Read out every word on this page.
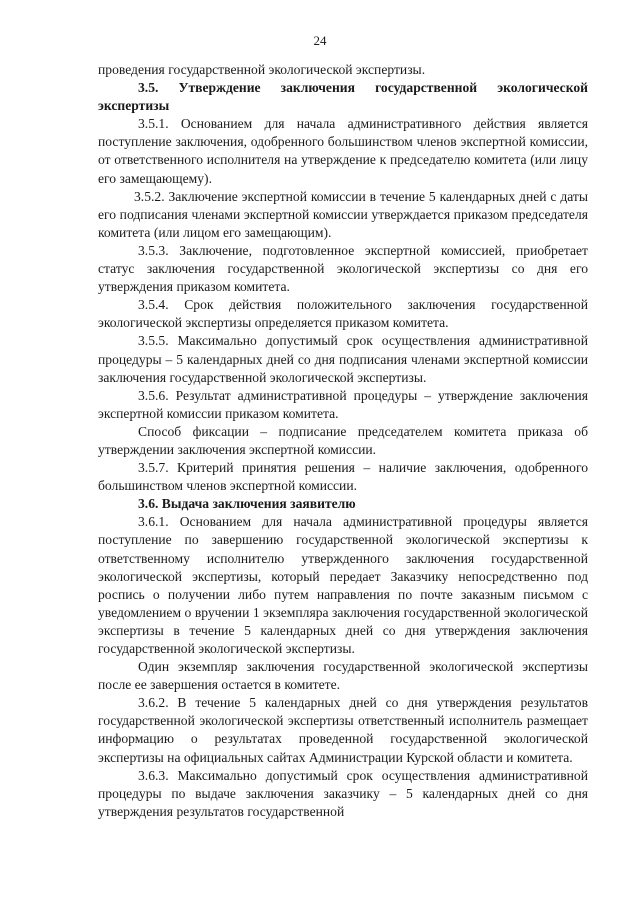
24

проведения государственной экологической экспертизы.

3.5. Утверждение заключения государственной экологической экспертизы

3.5.1. Основанием для начала административного действия является поступление заключения, одобренного большинством членов экспертной комиссии, от ответственного исполнителя на утверждение к председателю комитета (или лицу его замещающему).

3.5.2. Заключение экспертной комиссии в течение 5 календарных дней с даты его подписания членами экспертной комиссии утверждается приказом председателя комитета (или лицом его замещающим).

3.5.3. Заключение, подготовленное экспертной комиссией, приобретает статус заключения государственной экологической экспертизы со дня его утверждения приказом комитета.

3.5.4. Срок действия положительного заключения государственной экологической экспертизы определяется приказом комитета.

3.5.5. Максимально допустимый срок осуществления административной процедуры – 5 календарных дней со дня подписания членами экспертной комиссии заключения государственной экологической экспертизы.

3.5.6. Результат административной процедуры – утверждение заключения экспертной комиссии приказом комитета.

Способ фиксации – подписание председателем комитета приказа об утверждении заключения экспертной комиссии.

3.5.7. Критерий принятия решения – наличие заключения, одобренного большинством членов экспертной комиссии.

3.6. Выдача заключения заявителю

3.6.1. Основанием для начала административной процедуры является поступление по завершению государственной экологической экспертизы к ответственному исполнителю утвержденного заключения государственной экологической экспертизы, который передает Заказчику непосредственно под роспись о получении либо путем направления по почте заказным письмом с уведомлением о вручении 1 экземпляра заключения государственной экологической экспертизы в течение 5 календарных дней со дня утверждения заключения государственной экологической экспертизы.

Один экземпляр заключения государственной экологической экспертизы после ее завершения остается в комитете.

3.6.2. В течение 5 календарных дней со дня утверждения результатов государственной экологической экспертизы ответственный исполнитель размещает информацию о результатах проведенной государственной экологической экспертизы на официальных сайтах Администрации Курской области и комитета.

3.6.3. Максимально допустимый срок осуществления административной процедуры по выдаче заключения заказчику – 5 календарных дней со дня утверждения результатов государственной
